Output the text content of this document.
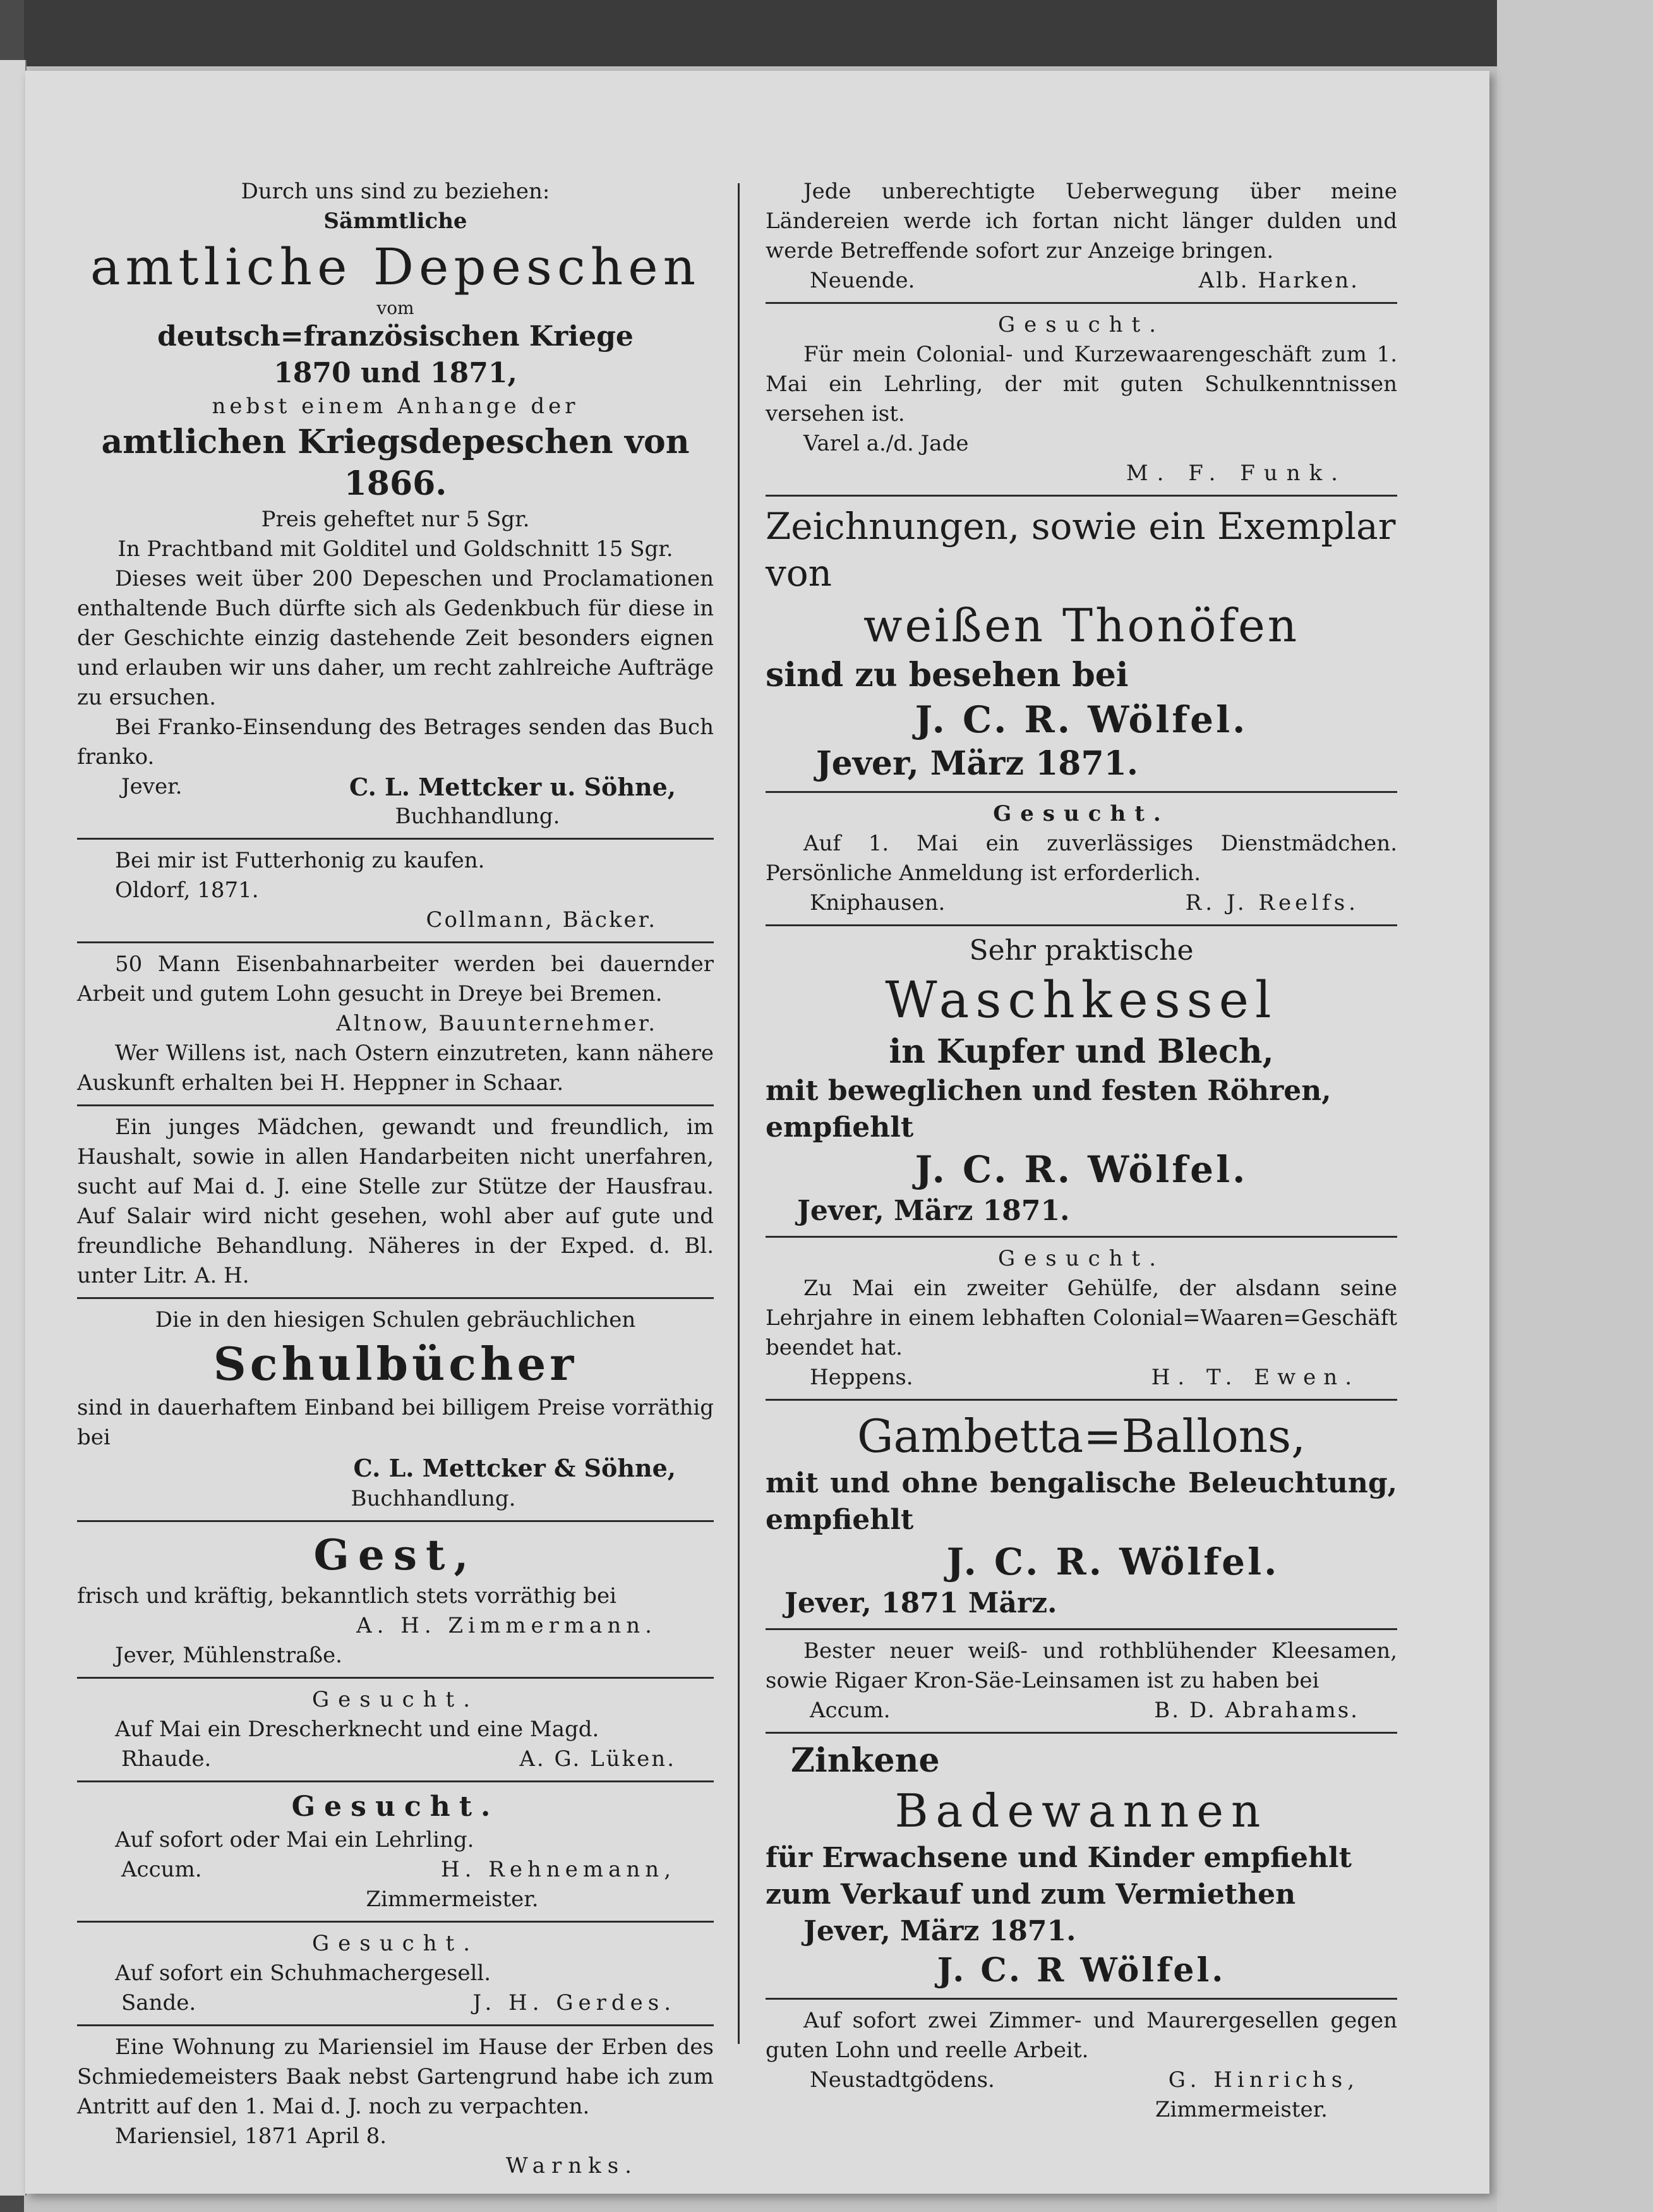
Durch uns sind zu beziehen:

Sämmtliche

amtliche Depeschen

vom

deutsch=französischen Kriege

1870 und 1871,

nebst einem Anhange der

amtlichen Kriegsdepeschen von 1866.

Preis geheftet nur 5 Sgr.

In Prachtband mit Golditel und Goldschnitt 15 Sgr.

Dieses weit über 200 Depeschen und Proclamationen enthaltende Buch dürfte sich als Gedenkbuch für diese in der Geschichte einzig dastehende Zeit besonders eignen und erlauben wir uns daher, um recht zahlreiche Aufträge zu ersuchen.

Bei Franko-Einsendung des Betrages senden das Buch franko.

Jever.	C. L. Mettcker u. Söhne,

Buchhandlung.

Bei mir ist Futterhonig zu kaufen.

Oldorf, 1871.

Collmann, Bäcker.

50 Mann Eisenbahnarbeiter werden bei dauernder Arbeit und gutem Lohn gesucht in Dreye bei Bremen.

Altnow, Bauunternehmer.

Wer Willens ist, nach Ostern einzutreten, kann nähere Auskunft erhalten bei H. Heppner in Schaar.

Ein junges Mädchen, gewandt und freundlich, im Haushalt, sowie in allen Handarbeiten nicht unerfahren, sucht auf Mai d. J. eine Stelle zur Stütze der Hausfrau. Auf Salair wird nicht gesehen, wohl aber auf gute und freundliche Behandlung. Näheres in der Exped. d. Bl. unter Litr. A. H.

Die in den hiesigen Schulen gebräuchlichen

Schulbücher

sind in dauerhaftem Einband bei billigem Preise vorräthig bei

C. L. Mettcker & Söhne,

Buchhandlung.

Gest,

frisch und kräftig, bekanntlich stets vorräthig bei

A. H. Zimmermann.

Jever, Mühlenstraße.

Gesucht.

Auf Mai ein Drescherknecht und eine Magd.

Rhaude.	A. G. Lüken.

Gesucht.

Auf sofort oder Mai ein Lehrling.

Accum.	H. Rehnemann,

Zimmermeister.

Gesucht.

Auf sofort ein Schuhmachergesell.

Sande.	J. H. Gerdes.

Eine Wohnung zu Mariensiel im Hause der Erben des Schmiedemeisters Baak nebst Gartengrund habe ich zum Antritt auf den 1. Mai d. J. noch zu verpachten.

Mariensiel, 1871 April 8.

Warnks.

Jede unberechtigte Ueberwegung über meine Ländereien werde ich fortan nicht länger dulden und werde Betreffende sofort zur Anzeige bringen.

Neuende.	Alb. Harken.

Gesucht.

Für mein Colonial- und Kurzewaarengeschäft zum 1. Mai ein Lehrling, der mit guten Schulkenntnissen versehen ist.

Varel a./d. Jade

M. F. Funk.

Zeichnungen, sowie ein Exemplar

von

weißen Thonöfen

sind zu besehen bei

J. C. R. Wölfel.

Jever, März 1871.

Gesucht.

Auf 1. Mai ein zuverlässiges Dienstmädchen. Persönliche Anmeldung ist erforderlich.

Kniphausen.	R. J. Reelfs.

Sehr praktische

Waschkessel

in Kupfer und Blech,

mit beweglichen und festen Röhren,

empfiehlt

J. C. R. Wölfel.

Jever, März 1871.

Gesucht.

Zu Mai ein zweiter Gehülfe, der alsdann seine Lehrjahre in einem lebhaften Colonial=Waaren=Geschäft beendet hat.

Heppens.	H. T. Ewen.

Gambetta=Ballons,

mit und ohne bengalische Beleuchtung, empfiehlt

J. C. R. Wölfel.

Jever, 1871 März.

Bester neuer weiß- und rothblühender Kleesamen, sowie Rigaer Kron-Säe-Leinsamen ist zu haben bei

Accum.	B. D. Abrahams.

Zinkene

Badewannen

für Erwachsene und Kinder empfiehlt

zum Verkauf und zum Vermiethen

Jever, März 1871.

J. C. R Wölfel.

Auf sofort zwei Zimmer- und Maurergesellen gegen guten Lohn und reelle Arbeit.

Neustadtgödens.	G. Hinrichs,

Zimmermeister.
